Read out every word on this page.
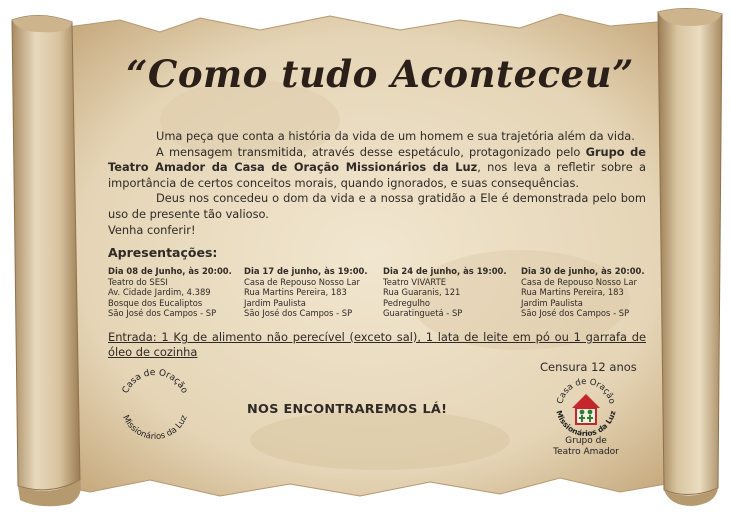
“Como tudo Aconteceu”

Uma peça que conta a história da vida de um homem e sua trajetória além da vida.

A mensagem transmitida, através desse espetáculo, protagonizado pelo Grupo de Teatro Amador da Casa de Oração Missionários da Luz, nos leva a refletir sobre a importância de certos conceitos morais, quando ignorados, e suas consequências.

Deus nos concedeu o dom da vida e a nossa gratidão a Ele é demonstrada pelo bom uso de presente tão valioso.

Venha conferir!

Apresentações:
Dia 08 de Junho, às 20:00.
Teatro do SESI
Av. Cidade Jardim, 4.389
Bosque dos Eucaliptos
São José dos Campos - SP
Dia 17 de junho, às 19:00.
Casa de Repouso Nosso Lar
Rua Martins Pereira, 183
Jardim Paulista
São José dos Campos - SP
Dia 24 de junho, às 19:00.
Teatro VIVARTE
Rua Guaranis, 121
Pedregulho
Guaratinguetá - SP
Dia 30 de junho, às 20:00.
Casa de Repouso Nosso Lar
Rua Martins Pereira, 183
Jardim Paulista
São José dos Campos - SP
Entrada: 1 Kg de alimento não perecível (exceto sal), 1 lata de leite em pó ou 1 garrafa de óleo de cozinha
Censura 12 anos
NOS ENCONTRAREMOS LÁ!
Casa de Oração
Missionários da Luz
Casa de Oração
Missionários da Luz
Grupo de
Teatro Amador
